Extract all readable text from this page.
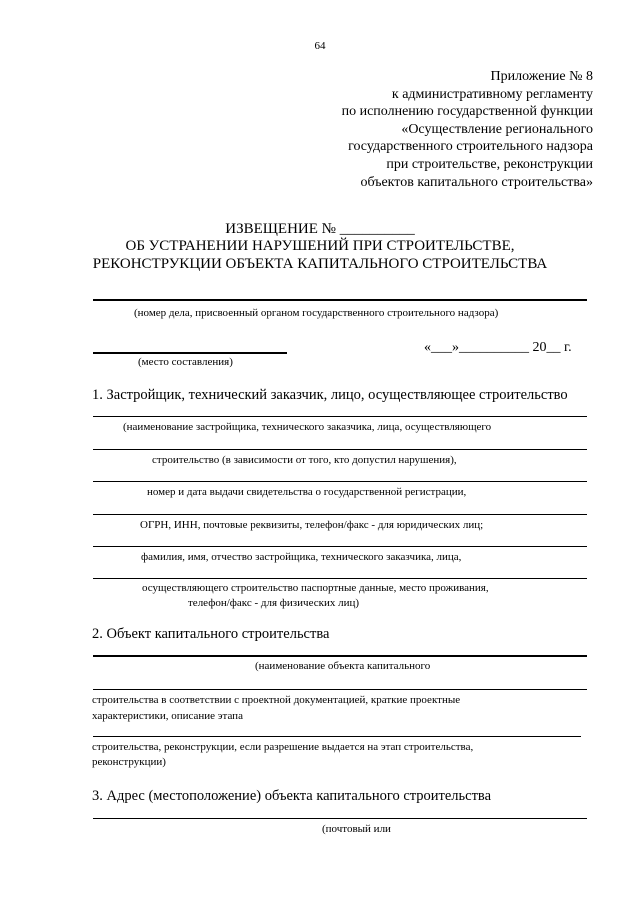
64
Приложение № 8
к административному регламенту
по исполнению государственной функции
«Осуществление регионального
государственного строительного надзора
при строительстве, реконструкции
объектов капитального строительства»
ИЗВЕЩЕНИЕ № __________
ОБ УСТРАНЕНИИ НАРУШЕНИЙ ПРИ СТРОИТЕЛЬСТВЕ,
РЕКОНСТРУКЦИИ ОБЪЕКТА КАПИТАЛЬНОГО СТРОИТЕЛЬСТВА
(номер дела, присвоенный органом государственного строительного надзора)
«___»__________ 20__ г.
(место составления)
1. Застройщик, технический заказчик, лицо, осуществляющее строительство
(наименование застройщика, технического заказчика, лица, осуществляющего
строительство (в зависимости от того, кто допустил нарушения),
номер и дата выдачи свидетельства о государственной регистрации,
ОГРН, ИНН, почтовые реквизиты, телефон/факс - для юридических лиц;
фамилия, имя, отчество застройщика, технического заказчика, лица,
осуществляющего строительство паспортные данные, место проживания,
телефон/факс - для физических лиц)
2. Объект капитального строительства
(наименование объекта капитального
строительства в соответствии с проектной документацией, краткие проектные
характеристики, описание этапа
строительства, реконструкции, если разрешение выдается на этап строительства,
реконструкции)
3. Адрес (местоположение) объекта капитального строительства
(почтовый или
